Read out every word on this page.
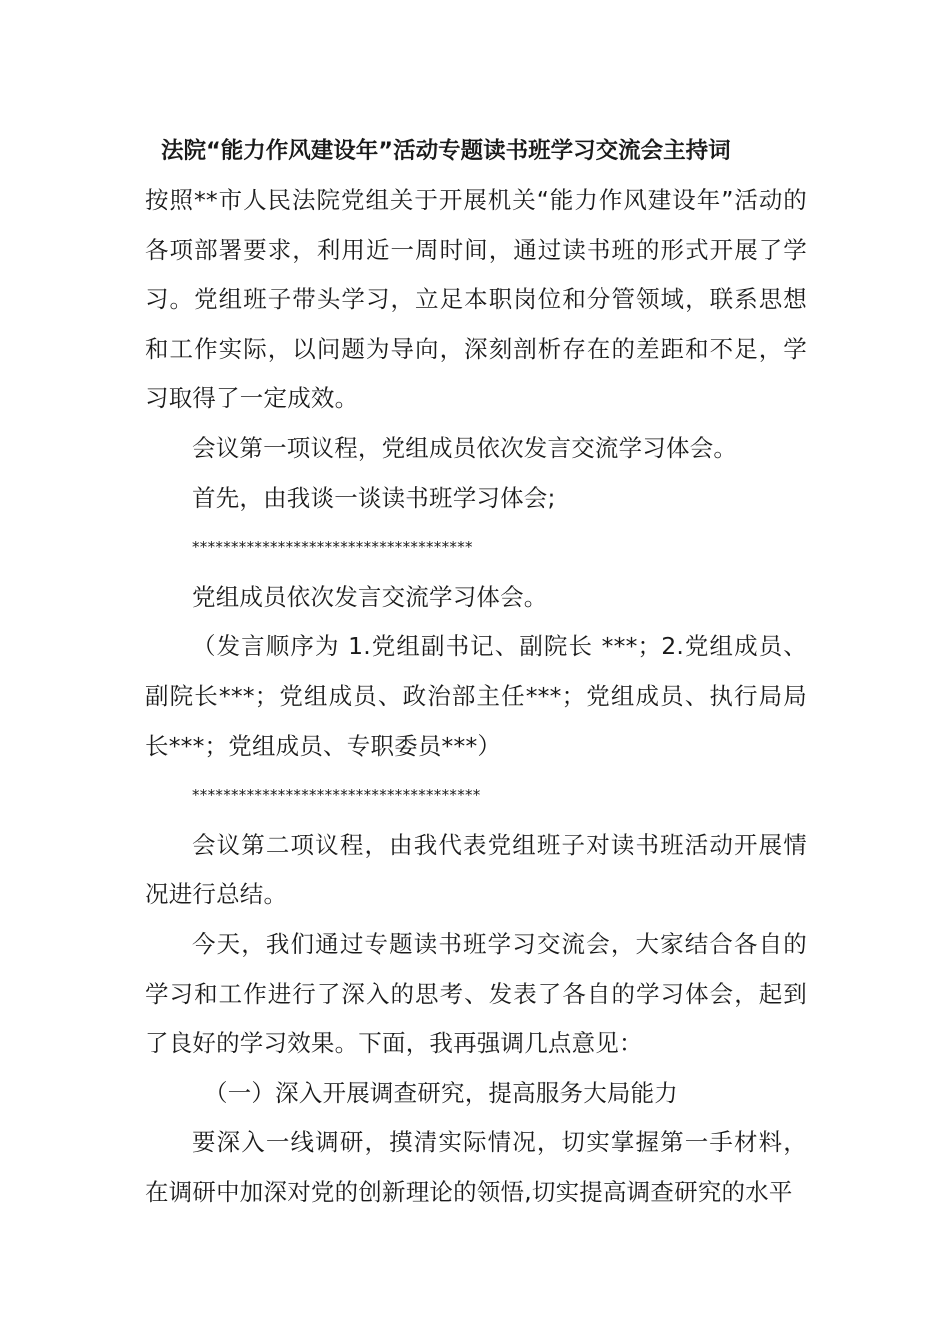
法院“能力作风建设年”活动专题读书班学习交流会主持词

按照**市人民法院党组关于开展机关“能力作风建设年”活动的各项部署要求，利用近一周时间，通过读书班的形式开展了学习。党组班子带头学习，立足本职岗位和分管领域，联系思想和工作实际，以问题为导向，深刻剖析存在的差距和不足，学习取得了一定成效。

会议第一项议程，党组成员依次发言交流学习体会。

首先，由我谈一谈读书班学习体会;

************************************

党组成员依次发言交流学习体会。

（发言顺序为 1.党组副书记、副院长 ***；2.党组成员、副院长***；党组成员、政治部主任***；党组成员、执行局局长***；党组成员、专职委员***）

*************************************

会议第二项议程，由我代表党组班子对读书班活动开展情况进行总结。

今天，我们通过专题读书班学习交流会，大家结合各自的学习和工作进行了深入的思考、发表了各自的学习体会，起到了良好的学习效果。下面，我再强调几点意见：

（一）深入开展调查研究，提高服务大局能力

要深入一线调研，摸清实际情况，切实掌握第一手材料，在调研中加深对党的创新理论的领悟,切实提高调查研究的水平
